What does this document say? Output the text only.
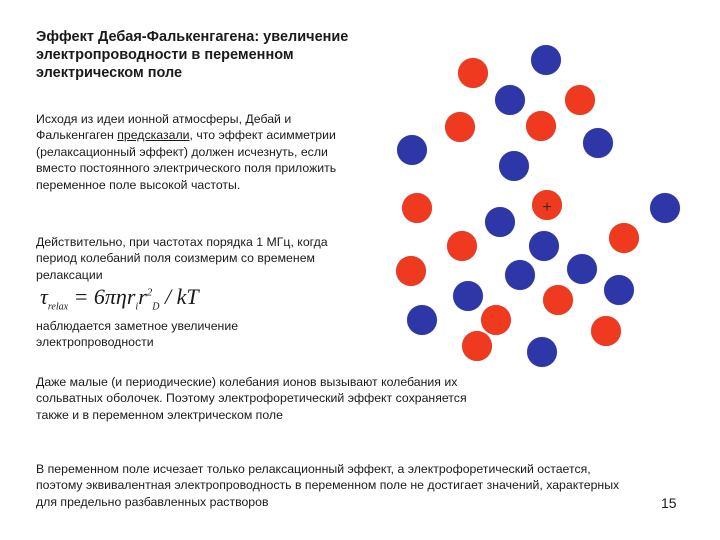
Эффект Дебая-Фалькенгагена: увеличение электропроводности в переменном электрическом поле

Исходя из идеи ионной атмосферы, Дебай и Фалькенгаген предсказали, что эффект асимметрии (релаксационный эффект) должен исчезнуть, если вместо постоянного электрического поля приложить переменное поле высокой частоты.

Действительно, при частотах порядка 1 МГц, когда период колебаний поля соизмерим со временем релаксации

$\tau_{relax} = 6\pi\eta r_ir^2_D$ / kT

наблюдается заметное увеличение электропроводности

Даже малые (и периодические) колебания ионов вызывают колебания их сольватных оболочек. Поэтому электрофоретический эффект сохраняется также и в переменном электрическом поле

В переменном поле исчезает только релаксационный эффект, а электрофоретический остается, поэтому эквивалентная электропроводность в переменном поле не достигает значений, характерных для предельно разбавленных растворов	15
+
